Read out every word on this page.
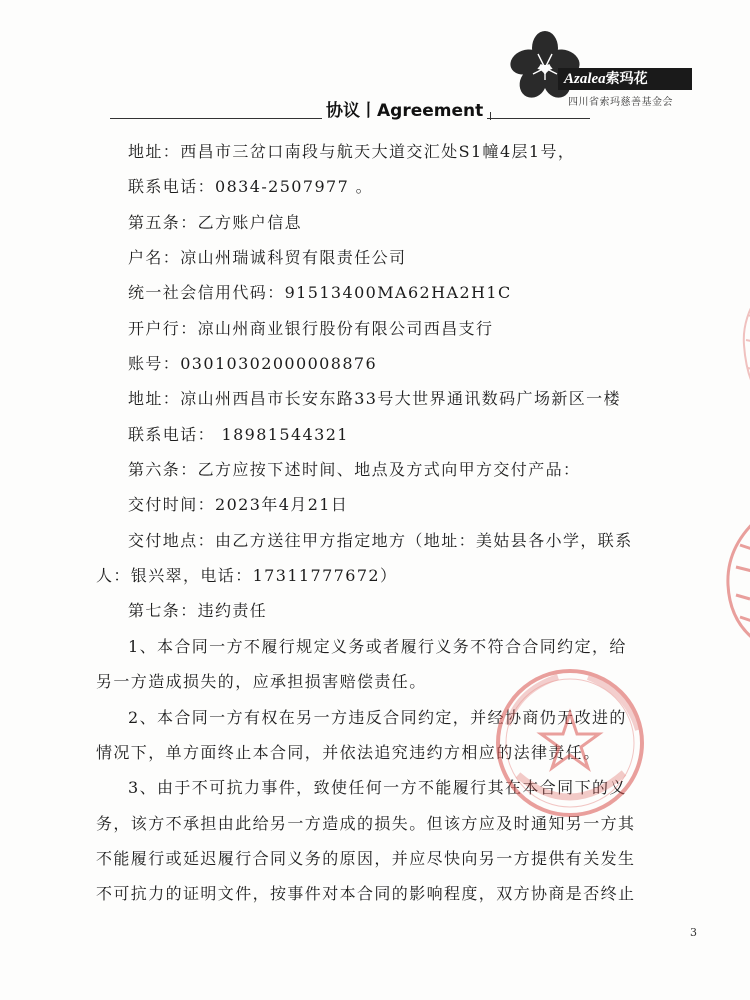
Azalea索玛花
四川省索玛慈善基金会
协议丨Agreement
地址：西昌市三岔口南段与航天大道交汇处S1幢4层1号，
联系电话：0834-2507977 。
第五条：乙方账户信息
户名：凉山州瑞诚科贸有限责任公司
统一社会信用代码：91513400MA62HA2H1C
开户行：凉山州商业银行股份有限公司西昌支行
账号：03010302000008876
地址：凉山州西昌市长安东路33号大世界通讯数码广场新区一楼
联系电话： 18981544321
第六条：乙方应按下述时间、地点及方式向甲方交付产品：
交付时间：2023年4月21日
交付地点：由乙方送往甲方指定地方（地址：美姑县各小学，联系
人：银兴翠，电话：17311777672）
第七条：违约责任
1、本合同一方不履行规定义务或者履行义务不符合合同约定，给
另一方造成损失的，应承担损害赔偿责任。
2、本合同一方有权在另一方违反合同约定，并经协商仍无改进的
情况下，单方面终止本合同，并依法追究违约方相应的法律责任。
3、由于不可抗力事件，致使任何一方不能履行其在本合同下的义
务，该方不承担由此给另一方造成的损失。但该方应及时通知另一方其
不能履行或延迟履行合同义务的原因，并应尽快向另一方提供有关发生
不可抗力的证明文件，按事件对本合同的影响程度，双方协商是否终止
3
